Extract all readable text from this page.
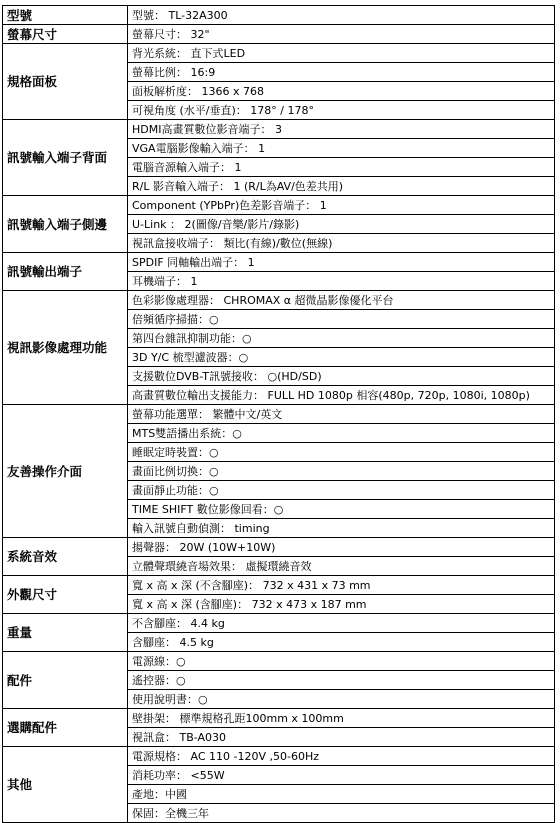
型號	型號： TL-32A300
螢幕尺寸	螢幕尺寸： 32"
規格面板	背光系統： 直下式LED
	螢幕比例： 16:9
	面板解析度： 1366 x 768
	可視角度 (水平/垂直)： 178° / 178°
訊號輸入端子背面	HDMI高畫質數位影音端子： 3
	VGA電腦影像輸入端子： 1
	電腦音源輸入端子： 1
	R/L 影音輸入端子： 1 (R/L為AV/色差共用)
訊號輸入端子側邊	Component (YPbPr)色差影音端子： 1
	U-Link ： 2(圖像/音樂/影片/錄影)
	視訊盒接收端子： 類比(有線)/數位(無線)
訊號輸出端子	SPDIF 同軸輸出端子： 1
	耳機端子： 1
視訊影像處理功能	色彩影像處理器： CHROMAX α 超微晶影像優化平台
	倍頻循序掃描：○
	第四台雜訊抑制功能：○
	3D Y/C 梳型濾波器：○
	支援數位DVB-T訊號接收： ○(HD/SD)
	高畫質數位輸出支援能力： FULL HD 1080p 相容(480p, 720p, 1080i, 1080p)
友善操作介面	螢幕功能選單： 繁體中文/英文
	MTS雙語播出系統：○
	睡眠定時裝置：○
	畫面比例切換：○
	畫面靜止功能：○
	TIME SHIFT 數位影像回看：○
	輸入訊號自動偵測： timing
系統音效	揚聲器： 20W (10W+10W)
	立體聲環繞音場效果： 虛擬環繞音效
外觀尺寸	寬 x 高 x 深 (不含腳座)： 732 x 431 x 73 mm
	寬 x 高 x 深 (含腳座)： 732 x 473 x 187 mm
重量	不含腳座： 4.4 kg
	含腳座： 4.5 kg
配件	電源線：○
	遙控器：○
	使用說明書：○
選購配件	壁掛架： 標準規格孔距100mm x 100mm
	視訊盒： TB-A030
其他	電源規格： AC 110 -120V ,50-60Hz
	消耗功率： <55W
	產地：中國
	保固：全機三年
